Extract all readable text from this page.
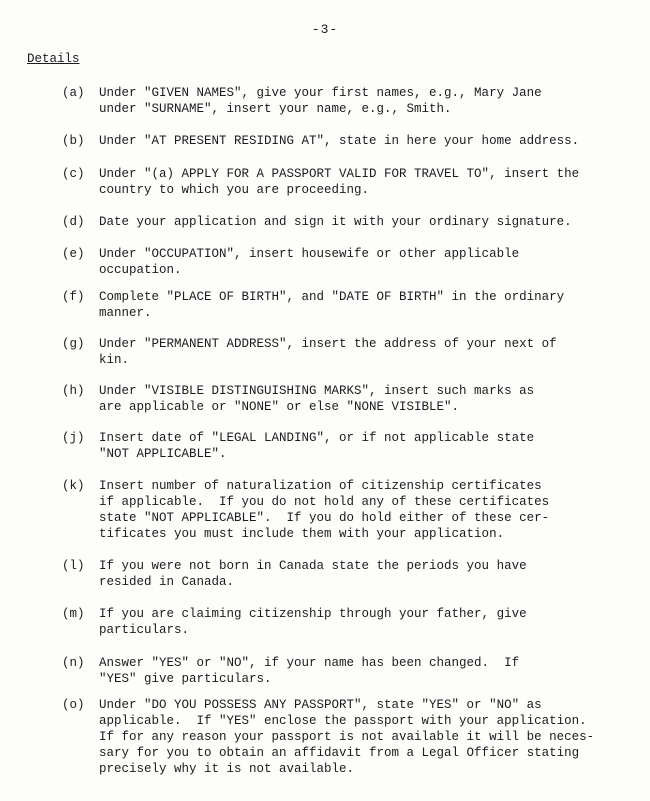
-3-
Details
(a)	Under "GIVEN NAMES", give your first names, e.g., Mary Jane
under "SURNAME", insert your name, e.g., Smith.
(b)	Under "AT PRESENT RESIDING AT", state in here your home address.
(c)	Under "(a) APPLY FOR A PASSPORT VALID FOR TRAVEL TO", insert the
country to which you are proceeding.
(d)	Date your application and sign it with your ordinary signature.
(e)	Under "OCCUPATION", insert housewife or other applicable
occupation.
(f)	Complete "PLACE OF BIRTH", and "DATE OF BIRTH" in the ordinary
manner.
(g)	Under "PERMANENT ADDRESS", insert the address of your next of
kin.
(h)	Under "VISIBLE DISTINGUISHING MARKS", insert such marks as
are applicable or "NONE" or else "NONE VISIBLE".
(j)	Insert date of "LEGAL LANDING", or if not applicable state
"NOT APPLICABLE".
(k)	Insert number of naturalization of citizenship certificates
if applicable.  If you do not hold any of these certificates
state "NOT APPLICABLE".  If you do hold either of these cer-
tificates you must include them with your application.
(l)	If you were not born in Canada state the periods you have
resided in Canada.
(m)	If you are claiming citizenship through your father, give
particulars.
(n)	Answer "YES" or "NO", if your name has been changed.  If
"YES" give particulars.
(o)	Under "DO YOU POSSESS ANY PASSPORT", state "YES" or "NO" as
applicable.  If "YES" enclose the passport with your application.
If for any reason your passport is not available it will be neces-
sary for you to obtain an affidavit from a Legal Officer stating
precisely why it is not available.
